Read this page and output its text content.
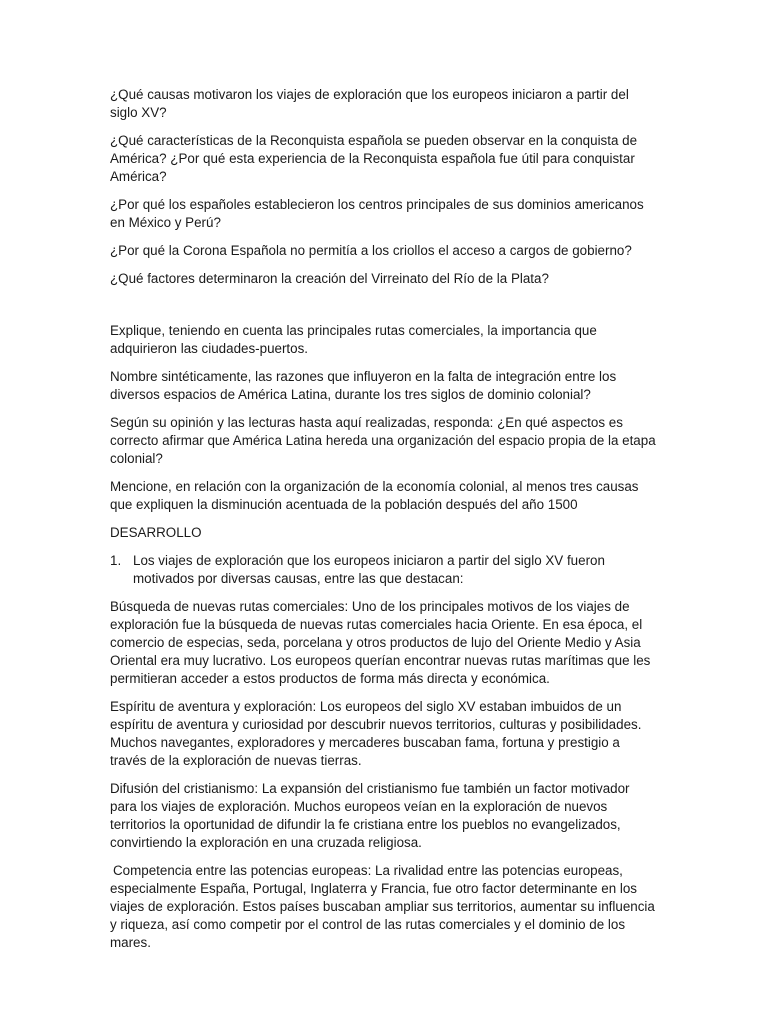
¿Qué causas motivaron los viajes de exploración que los europeos iniciaron a partir del siglo XV?

¿Qué características de la Reconquista española se pueden observar en la conquista de América? ¿Por qué esta experiencia de la Reconquista española fue útil para conquistar América?

¿Por qué los españoles establecieron los centros principales de sus dominios americanos en México y Perú?

¿Por qué la Corona Española no permitía a los criollos el acceso a cargos de gobierno?

¿Qué factores determinaron la creación del Virreinato del Río de la Plata?

Explique, teniendo en cuenta las principales rutas comerciales, la importancia que adquirieron las ciudades-puertos.

Nombre sintéticamente, las razones que influyeron en la falta de integración entre los diversos espacios de América Latina, durante los tres siglos de dominio colonial?

Según su opinión y las lecturas hasta aquí realizadas, responda: ¿En qué aspectos es correcto afirmar que América Latina hereda una organización del espacio propia de la etapa colonial?

Mencione, en relación con la organización de la economía colonial, al menos tres causas que expliquen la disminución acentuada de la población después del año 1500

DESARROLLO

1. Los viajes de exploración que los europeos iniciaron a partir del siglo XV fueron motivados por diversas causas, entre las que destacan:

Búsqueda de nuevas rutas comerciales: Uno de los principales motivos de los viajes de exploración fue la búsqueda de nuevas rutas comerciales hacia Oriente. En esa época, el comercio de especias, seda, porcelana y otros productos de lujo del Oriente Medio y Asia Oriental era muy lucrativo. Los europeos querían encontrar nuevas rutas marítimas que les permitieran acceder a estos productos de forma más directa y económica.

Espíritu de aventura y exploración: Los europeos del siglo XV estaban imbuidos de un espíritu de aventura y curiosidad por descubrir nuevos territorios, culturas y posibilidades. Muchos navegantes, exploradores y mercaderes buscaban fama, fortuna y prestigio a través de la exploración de nuevas tierras.

Difusión del cristianismo: La expansión del cristianismo fue también un factor motivador para los viajes de exploración. Muchos europeos veían en la exploración de nuevos territorios la oportunidad de difundir la fe cristiana entre los pueblos no evangelizados, convirtiendo la exploración en una cruzada religiosa.

Competencia entre las potencias europeas: La rivalidad entre las potencias europeas, especialmente España, Portugal, Inglaterra y Francia, fue otro factor determinante en los viajes de exploración. Estos países buscaban ampliar sus territorios, aumentar su influencia y riqueza, así como competir por el control de las rutas comerciales y el dominio de los mares.
